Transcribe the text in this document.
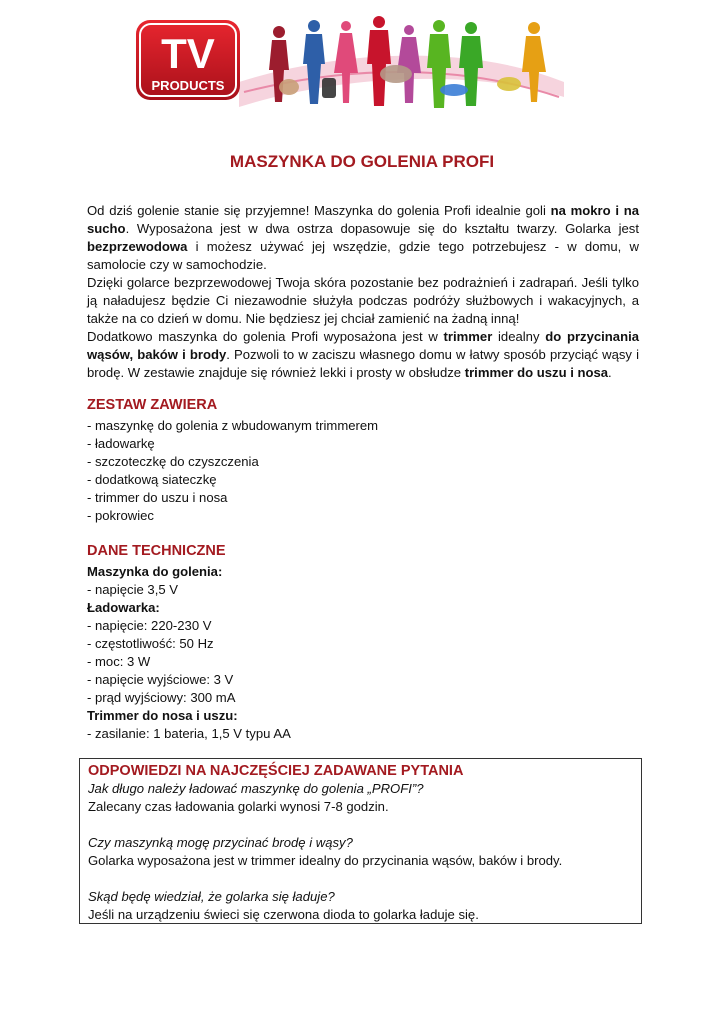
TV
PRODUCTS
MASZYNKA DO GOLENIA PROFI

Od dziś golenie stanie się przyjemne! Maszynka do golenia Profi idealnie goli na mokro i na sucho. Wyposażona jest w dwa ostrza dopasowuje się do kształtu twarzy. Golarka jest bezprzewodowa i możesz używać jej wszędzie, gdzie tego potrzebujesz - w domu, w samolocie czy w samochodzie.

Dzięki golarce bezprzewodowej Twoja skóra pozostanie bez podrażnień i zadrapań. Jeśli tylko ją naładujesz będzie Ci niezawodnie służyła podczas podróży służbowych i wakacyjnych, a także na co dzień w domu. Nie będziesz jej chciał zamienić na żadną inną!

Dodatkowo maszynka do golenia Profi wyposażona jest w trimmer idealny do przycinania wąsów, baków i brody. Pozwoli to w zaciszu własnego domu w łatwy sposób przyciąć wąsy i brodę. W zestawie znajduje się również lekki i prosty w obsłudze trimmer do uszu i nosa.

ZESTAW ZAWIERA
- maszynkę do golenia z wbudowanym trimmerem
- ładowarkę
- szczoteczkę do czyszczenia
- dodatkową siateczkę
- trimmer do uszu i nosa
- pokrowiec
DANE TECHNICZNE
Maszynka do golenia:
- napięcie 3,5 V
Ładowarka:
- napięcie: 220-230 V
- częstotliwość: 50 Hz
- moc: 3 W
- napięcie wyjściowe: 3 V
- prąd wyjściowy: 300 mA
Trimmer do nosa i uszu:
- zasilanie: 1 bateria, 1,5 V typu AA
ODPOWIEDZI NA NAJCZĘŚCIEJ ZADAWANE PYTANIA

Jak długo należy ładować maszynkę do golenia „PROFI”?

Zalecany czas ładowania golarki wynosi 7-8 godzin.

Czy maszynką mogę przycinać brodę i wąsy?

Golarka wyposażona jest w trimmer idealny do przycinania wąsów, baków i brody.

Skąd będę wiedział, że golarka się ładuje?

Jeśli na urządzeniu świeci się czerwona dioda to golarka ładuje się.
